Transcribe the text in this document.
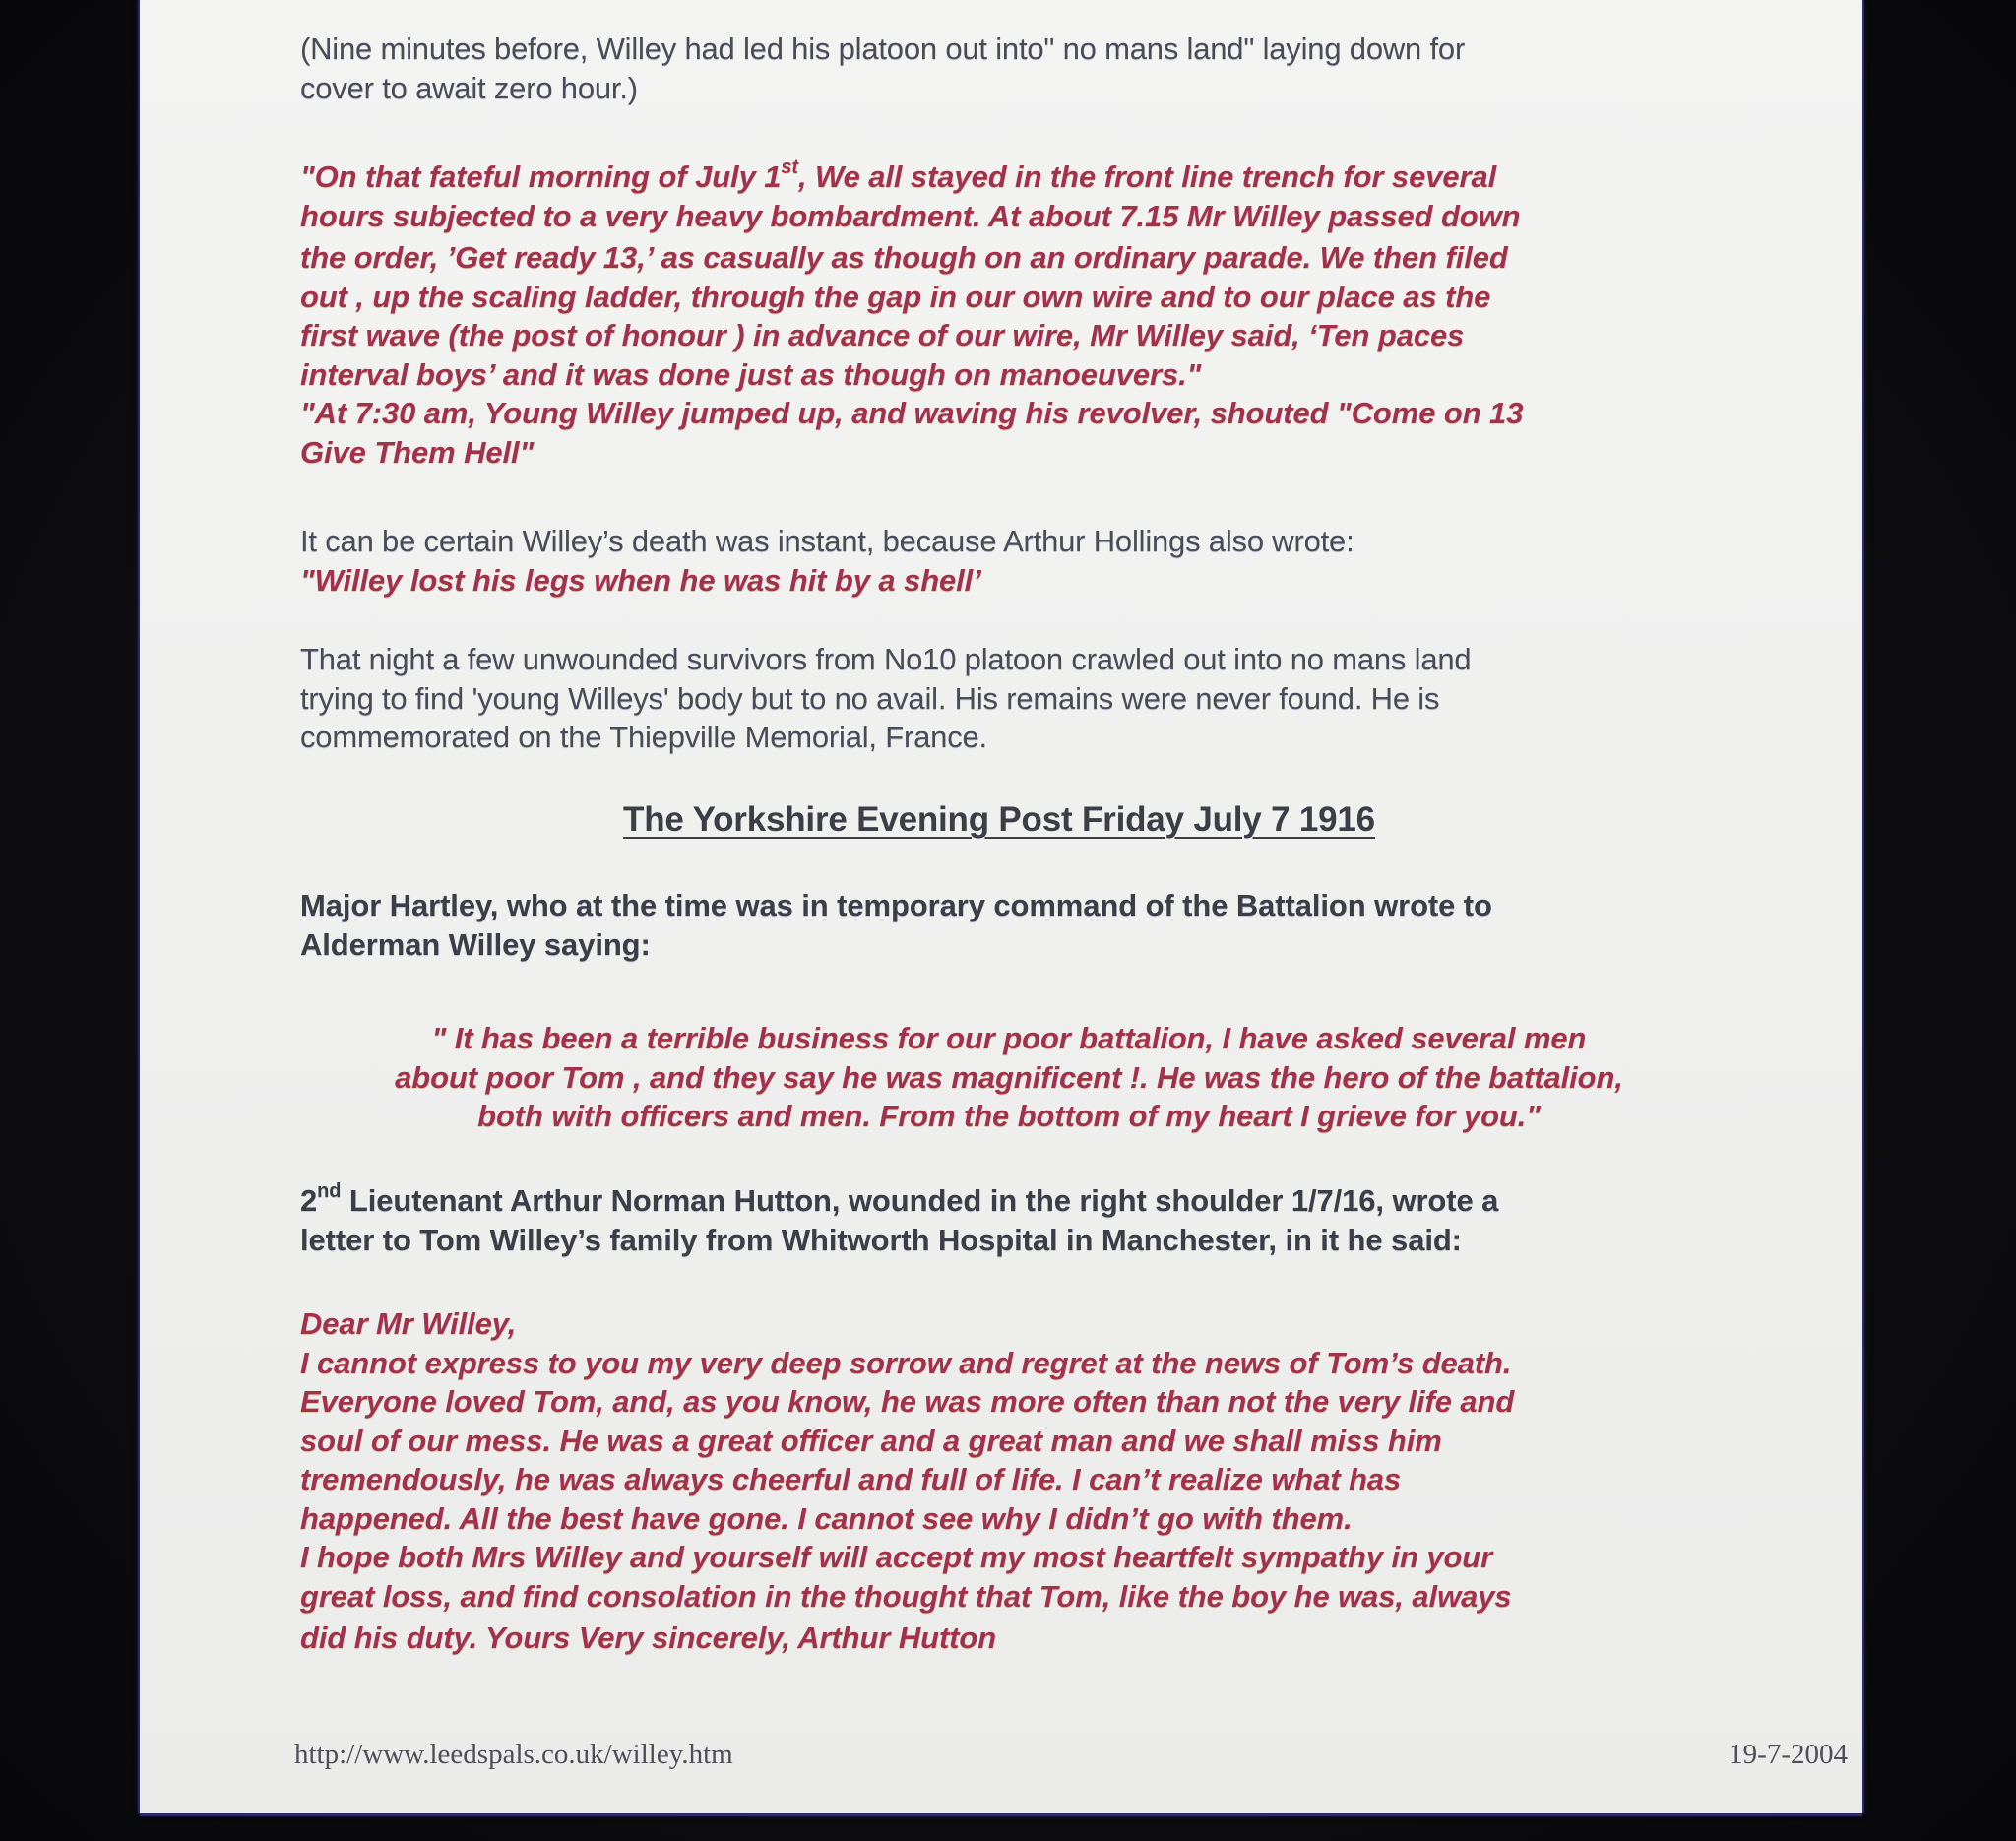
(Nine minutes before, Willey had led his platoon out into" no mans land" laying down for

cover to await zero hour.)

"On that fateful morning of July 1st, We all stayed in the front line trench for several

hours subjected to a very heavy bombardment. At about 7.15 Mr Willey passed down

the order, ’Get ready 13,’ as casually as though on an ordinary parade. We then filed

out , up the scaling ladder, through the gap in our own wire and to our place as the

first wave (the post of honour ) in advance of our wire, Mr Willey said, ‘Ten paces

interval boys’ and it was done just as though on manoeuvers."

"At 7:30 am, Young Willey jumped up, and waving his revolver, shouted "Come on 13

Give Them Hell"

It can be certain Willey’s death was instant, because Arthur Hollings also wrote:

"Willey lost his legs when he was hit by a shell’

That night a few unwounded survivors from No10 platoon crawled out into no mans land

trying to find 'young Willeys' body but to no avail. His remains were never found. He is

commemorated on the Thiepville Memorial, France.

The Yorkshire Evening Post Friday July 7 1916

Major Hartley, who at the time was in temporary command of the Battalion wrote to

Alderman Willey saying:

" It has been a terrible business for our poor battalion, I have asked several men

about poor Tom , and they say he was magnificent !. He was the hero of the battalion,

both with officers and men. From the bottom of my heart I grieve for you."

2nd Lieutenant Arthur Norman Hutton, wounded in the right shoulder 1/7/16, wrote a

letter to Tom Willey’s family from Whitworth Hospital in Manchester, in it he said:

Dear Mr Willey,

I cannot express to you my very deep sorrow and regret at the news of Tom’s death.

Everyone loved Tom, and, as you know, he was more often than not the very life and

soul of our mess. He was a great officer and a great man and we shall miss him

tremendously, he was always cheerful and full of life. I can’t realize what has

happened. All the best have gone. I cannot see why I didn’t go with them.

I hope both Mrs Willey and yourself will accept my most heartfelt sympathy in your

great loss, and find consolation in the thought that Tom, like the boy he was, always

did his duty. Yours Very sincerely, Arthur Hutton

http://www.leedspals.co.uk/willey.htm	19-7-2004
